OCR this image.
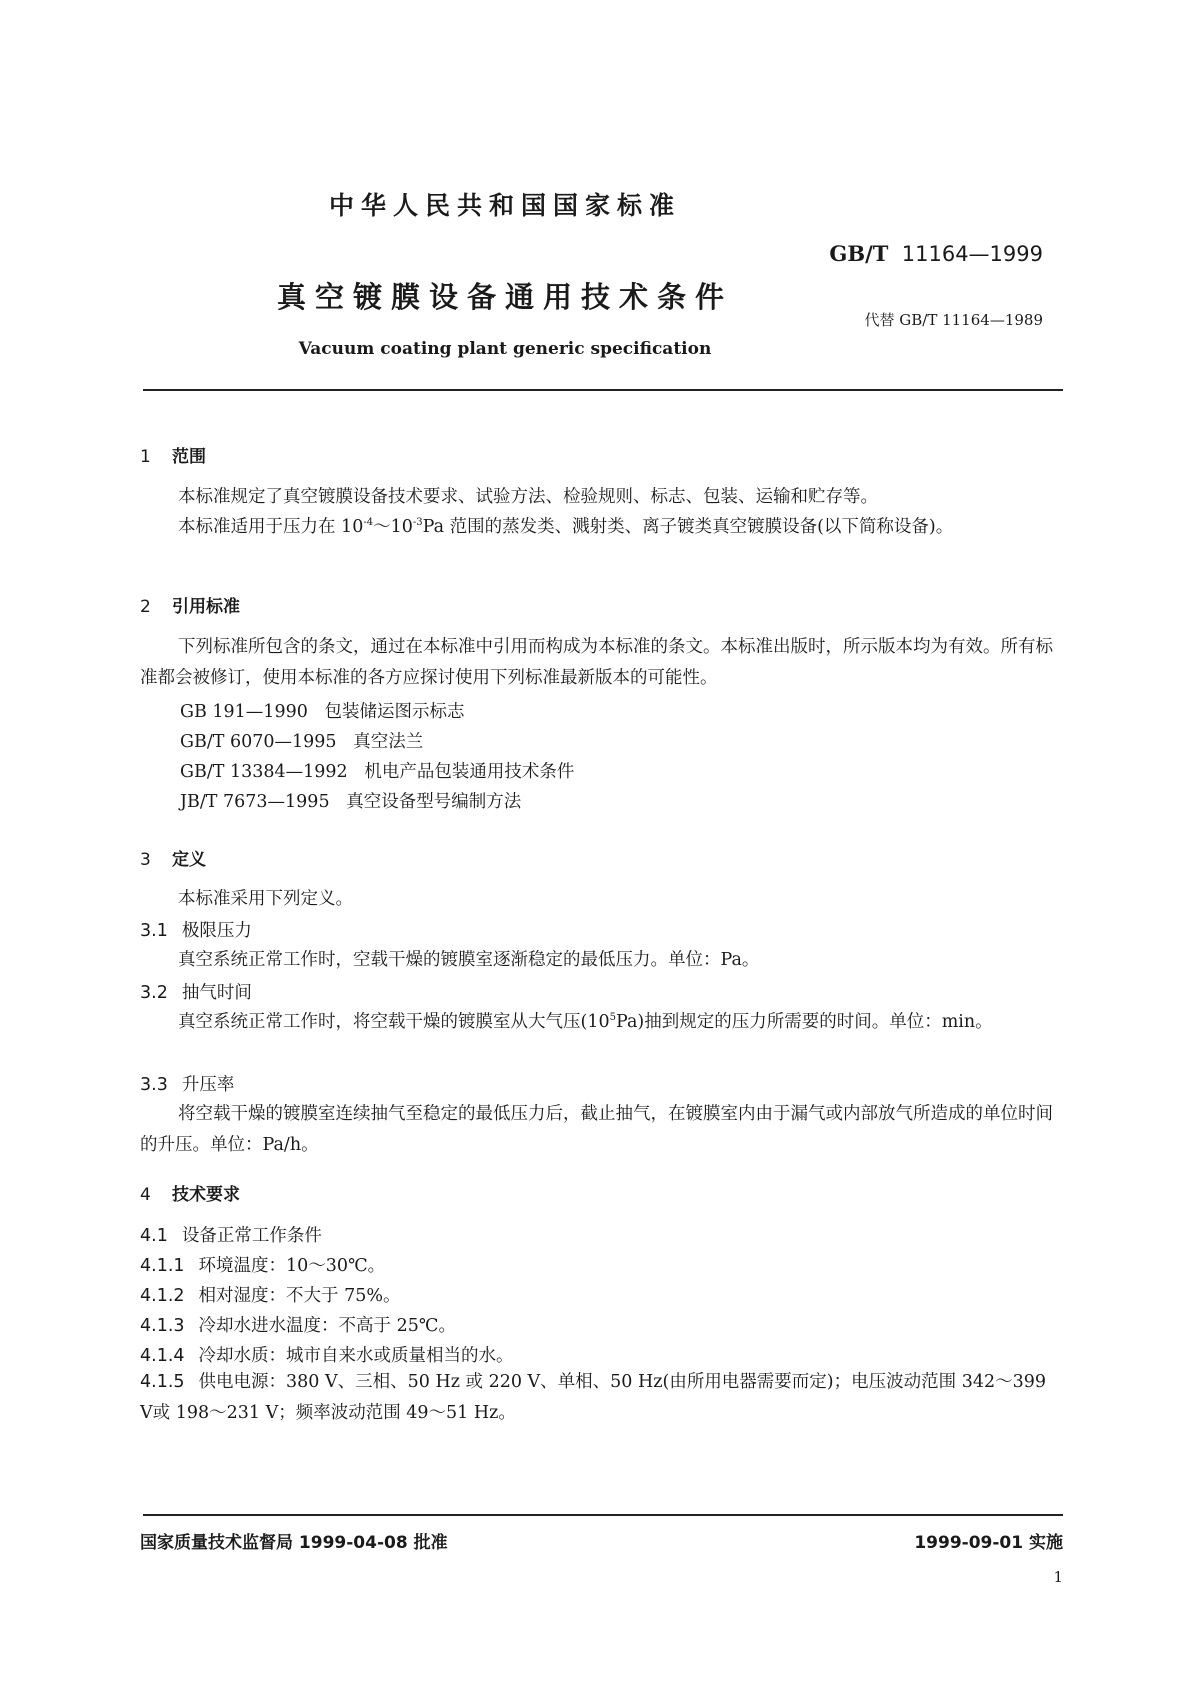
中华人民共和国国家标准
GB/T 11164—1999
真空镀膜设备通用技术条件
代替 GB/T 11164—1989
Vacuum coating plant generic specification
1 范围
本标准规定了真空镀膜设备技术要求、试验方法、检验规则、标志、包装、运输和贮存等。
本标准适用于压力在 $10^{-4}\sim 10^{-3}Pa$ 范围的蒸发类、溅射类、离子镀类真空镀膜设备(以下简称设备)。
2 引用标准
下列标准所包含的条文，通过在本标准中引用而构成为本标准的条文。本标准出版时，所示版本均为有效。所有标准都会被修订，使用本标准的各方应探讨使用下列标准最新版本的可能性。
GB 191—1990 包装储运图示标志
GB/T 6070—1995 真空法兰
GB/T 13384—1992 机电产品包装通用技术条件
JB/T 7673—1995 真空设备型号编制方法
3 定义
本标准采用下列定义。
3.1 极限压力
真空系统正常工作时，空载干燥的镀膜室逐渐稳定的最低压力。单位：Pa。
3.2 抽气时间
真空系统正常工作时，将空载干燥的镀膜室从大气压$(10^5Pa)$抽到规定的压力所需要的时间。单位：min。
3.3 升压率
将空载干燥的镀膜室连续抽气至稳定的最低压力后，截止抽气，在镀膜室内由于漏气或内部放气所造成的单位时间的升压。单位：Pa/h。
4 技术要求
4.1 设备正常工作条件
4.1.1 环境温度：10～30℃。
4.1.2 相对湿度：不大于 75%。
4.1.3 冷却水进水温度：不高于 25℃。
4.1.4 冷却水质：城市自来水或质量相当的水。
4.1.5 供电电源：380 V、三相、50 Hz 或 220 V、单相、50 Hz(由所用电器需要而定)；电压波动范围 342～399 V或 198～231 V；频率波动范围 49～51 Hz。
国家质量技术监督局 1999-04-08 批准	1999-09-01 实施
1
